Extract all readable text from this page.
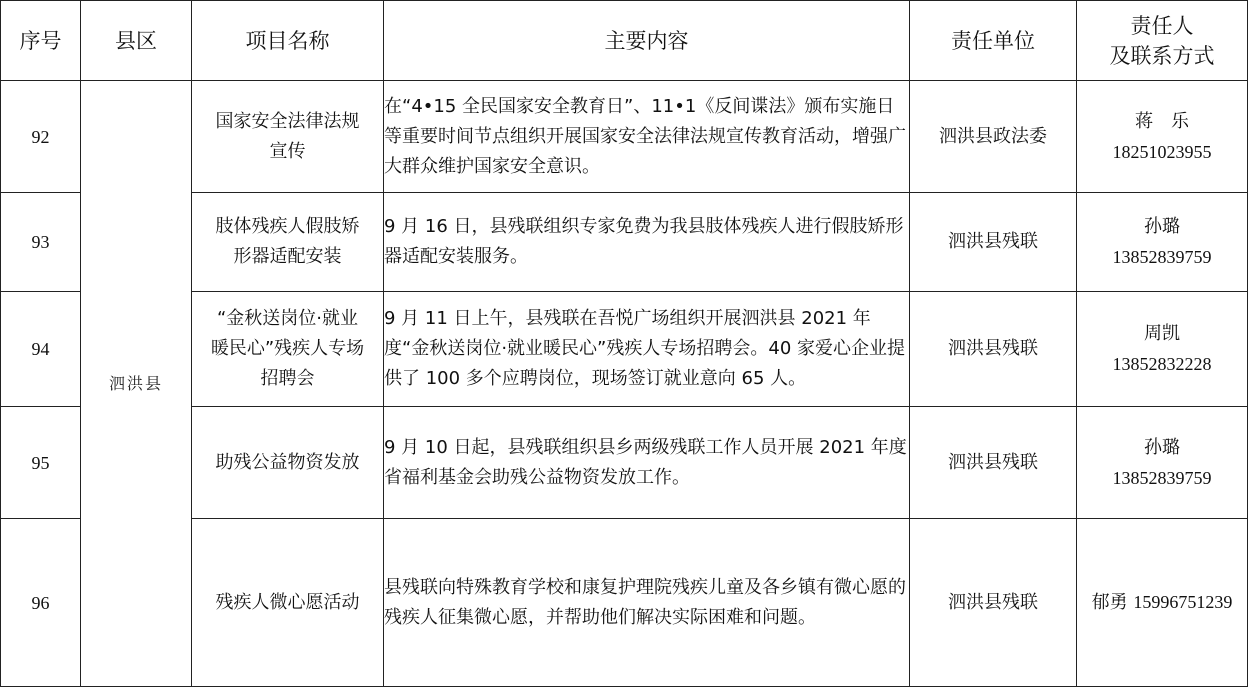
序号	县区	项目名称	主要内容	责任单位	责任人
及联系方式

92	泗洪县	国家安全法律法规
宣传	在“4•15 全民国家安全教育日”、11•1《反间谍法》颁布实施日等重要时间节点组织开展国家安全法律法规宣传教育活动，增强广大群众维护国家安全意识。	泗洪县政法委	蒋　乐
18251023955

93		肢体残疾人假肢矫
形器适配安装	9 月 16 日，县残联组织专家免费为我县肢体残疾人进行假肢矫形器适配安装服务。	泗洪县残联	孙璐
13852839759

94		“金秋送岗位·就业
暖民心”残疾人专场
招聘会	9 月 11 日上午，县残联在吾悦广场组织开展泗洪县 2021 年度“金秋送岗位·就业暖民心”残疾人专场招聘会。40 家爱心企业提供了 100 多个应聘岗位，现场签订就业意向 65 人。	泗洪县残联	周凯
13852832228

95		助残公益物资发放	9 月 10 日起，县残联组织县乡两级残联工作人员开展 2021 年度省福利基金会助残公益物资发放工作。	泗洪县残联	孙璐
13852839759

96		残疾人微心愿活动	县残联向特殊教育学校和康复护理院残疾儿童及各乡镇有微心愿的残疾人征集微心愿，并帮助他们解决实际困难和问题。	泗洪县残联	郁勇 15996751239
